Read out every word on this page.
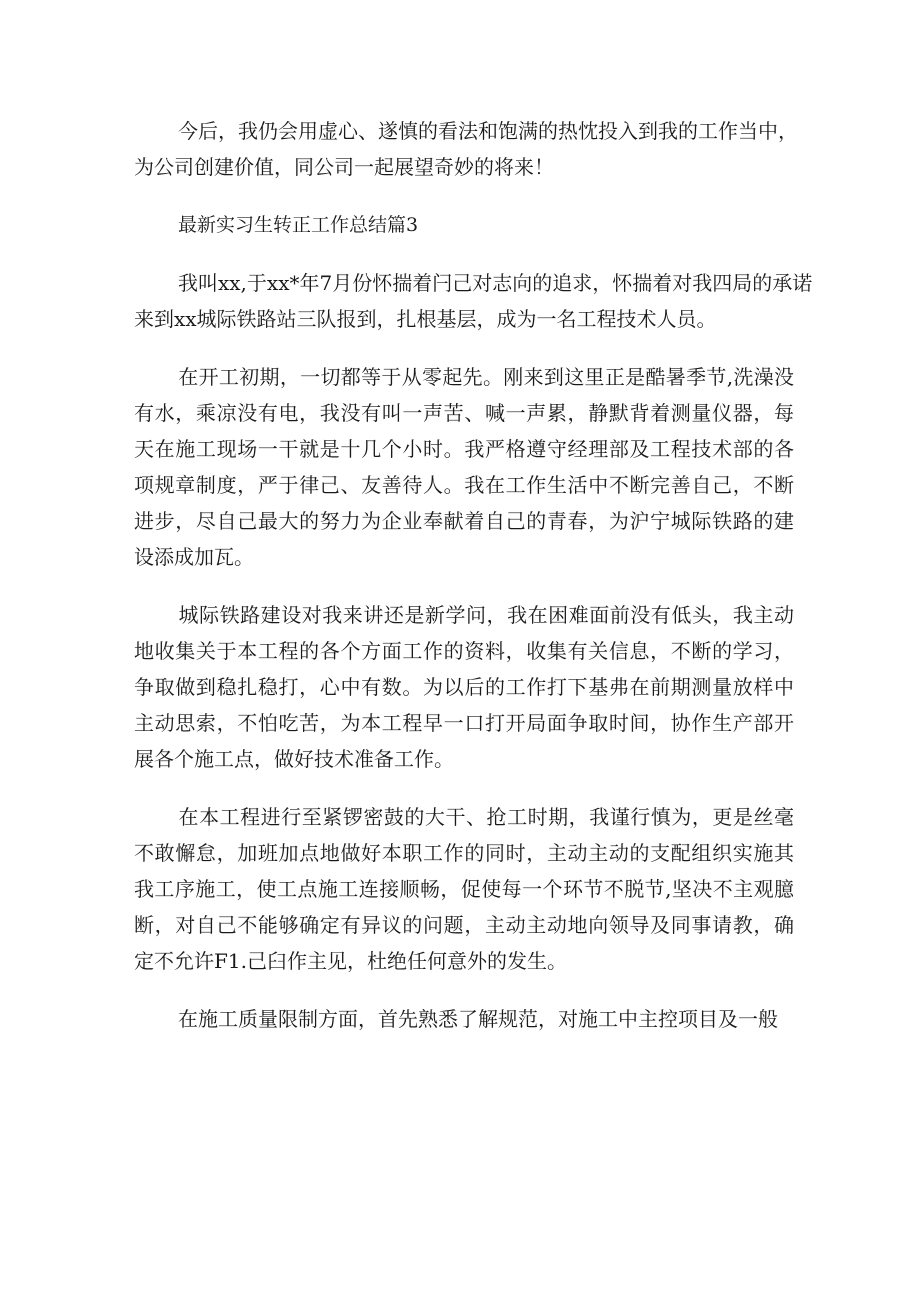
今后，我仍会用虚心、遂慎的看法和饱满的热忱投入到我的工作当中，
为公司创建价值，同公司一起展望奇妙的将来！

最新实习生转正工作总结篇3

我叫xx,于xx*年7月份怀揣着闩己对志向的追求，怀揣着对我四局的承诺
来到xx城际铁路站三队报到，扎根基层，成为一名工程技术人员。

在开工初期，一切都等于从零起先。刚来到这里正是酷暑季节,洗澡没
有水，乘凉没有电，我没有叫一声苦、喊一声累，静默背着测量仪器，每
天在施工现场一干就是十几个小时。我严格遵守经理部及工程技术部的各
项规章制度，严于律己、友善待人。我在工作生活中不断完善自己，不断
进步，尽自己最大的努力为企业奉献着自己的青春，为沪宁城际铁路的建
设添成加瓦。

城际铁路建设对我来讲还是新学问，我在困难面前没有低头，我主动
地收集关于本工程的各个方面工作的资料，收集有关信息，不断的学习，
争取做到稳扎稳打，心中有数。为以后的工作打下基弗在前期测量放样中
主动思索，不怕吃苦，为本工程早一口打开局面争取时间，协作生产部开
展各个施工点，做好技术准备工作。

在本工程进行至紧锣密鼓的大干、抢工时期，我谨行慎为，更是丝毫
不敢懈怠，加班加点地做好本职工作的同时，主动主动的支配组织实施其
我工序施工，使工点施工连接顺畅，促使每一个环节不脱节,坚决不主观臆
断，对自己不能够确定有异议的问题，主动主动地向领导及同事请教，确
定不允许F1.己臼作主见，杜绝任何意外的发生。

在施工质量限制方面，首先熟悉了解规范，对施工中主控项目及一般
